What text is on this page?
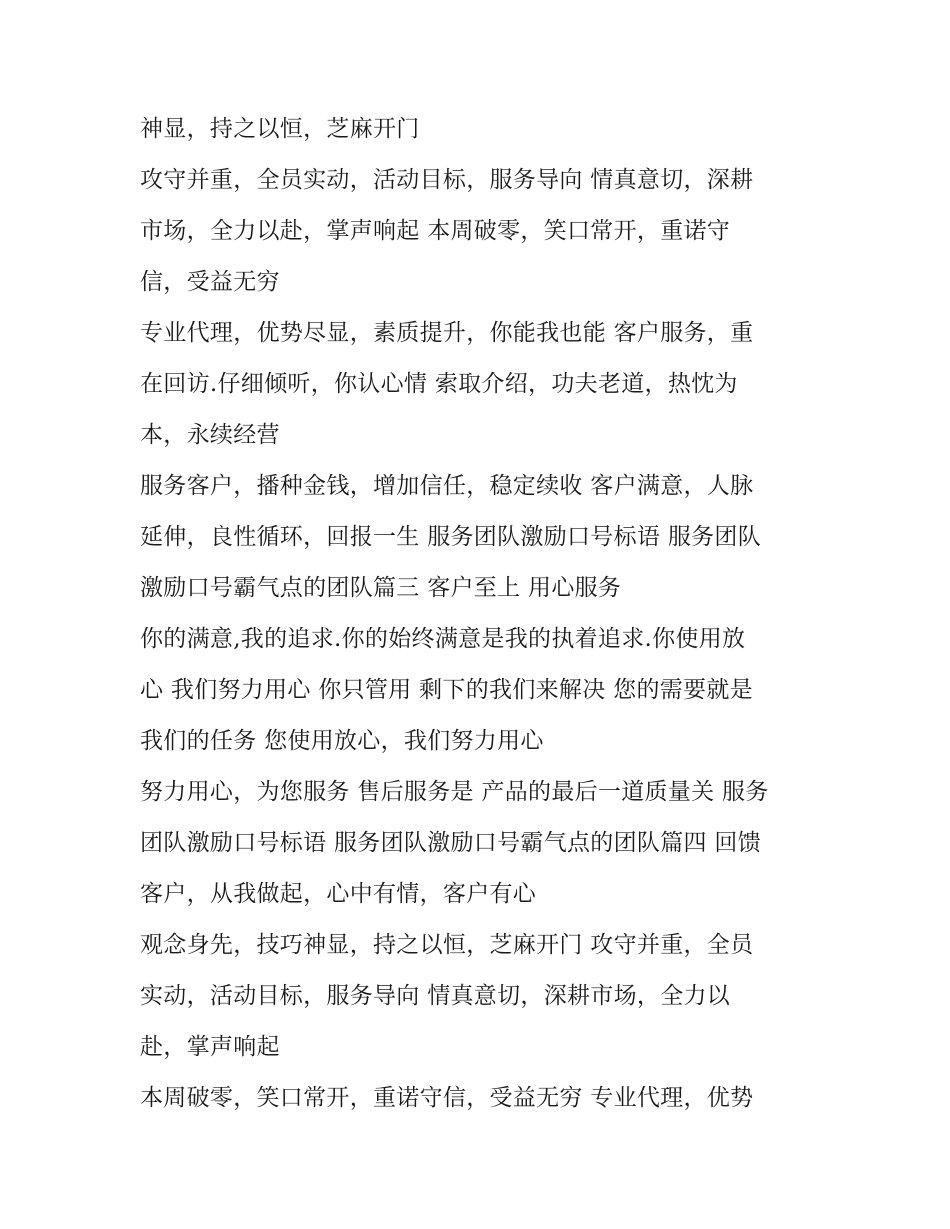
神显，持之以恒，芝麻开门
攻守并重，全员实动，活动目标，服务导向 情真意切，深耕
市场，全力以赴，掌声响起 本周破零，笑口常开，重诺守
信，受益无穷
专业代理，优势尽显，素质提升，你能我也能 客户服务，重
在回访.仔细倾听，你认心情 索取介绍，功夫老道，热忱为
本，永续经营
服务客户，播种金钱，增加信任，稳定续收 客户满意，人脉
延伸，良性循环，回报一生 服务团队激励口号标语 服务团队
激励口号霸气点的团队篇三 客户至上 用心服务
你的满意,我的追求.你的始终满意是我的执着追求.你使用放
心 我们努力用心 你只管用 剩下的我们来解决 您的需要就是
我们的任务 您使用放心，我们努力用心
努力用心，为您服务 售后服务是 产品的最后一道质量关 服务
团队激励口号标语 服务团队激励口号霸气点的团队篇四 回馈
客户，从我做起，心中有情，客户有心
观念身先，技巧神显，持之以恒，芝麻开门 攻守并重，全员
实动，活动目标，服务导向 情真意切，深耕市场，全力以
赴，掌声响起
本周破零，笑口常开，重诺守信，受益无穷 专业代理，优势
